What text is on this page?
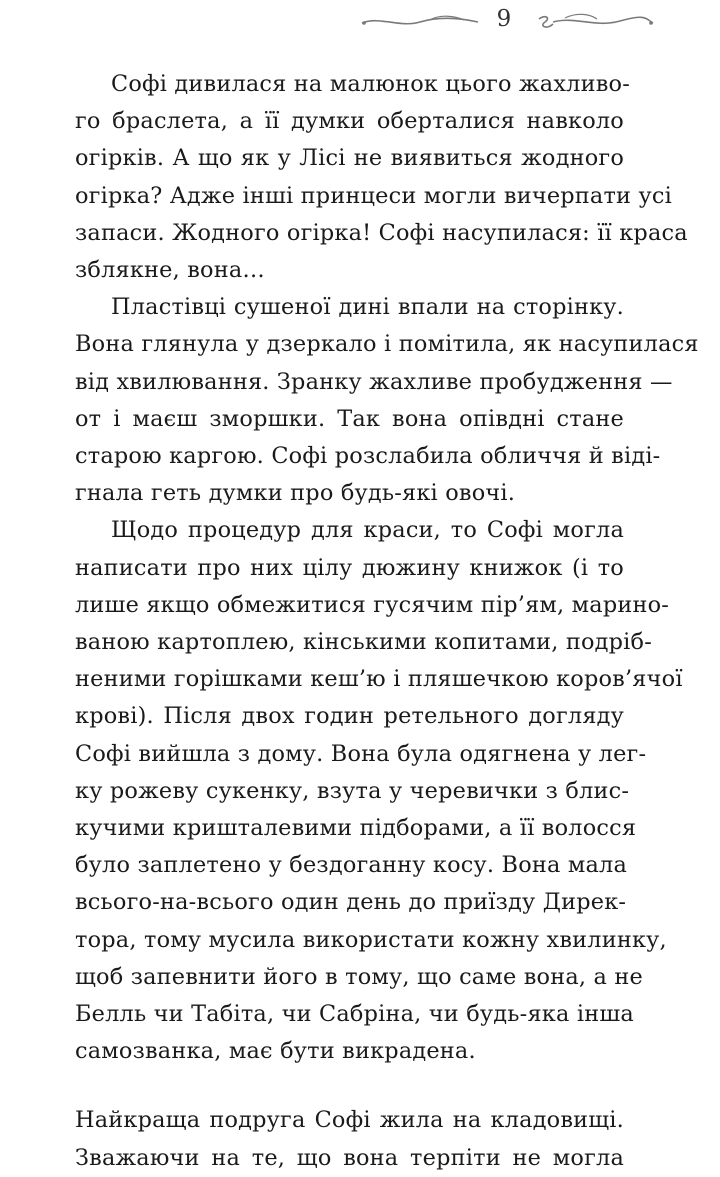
9
Софі дивилася на малюнок цього жахливо-
го браслета, а її думки оберталися навколо
огірків. А що як у Лісі не виявиться жодного
огірка? Адже інші принцеси могли вичерпати усі
запаси. Жодного огірка! Софі насупилася: її краса
зблякне, вона…
Пластівці сушеної дині впали на сторінку.
Вона глянула у дзеркало і помітила, як насупилася
від хвилювання. Зранку жахливе пробудження —
от і маєш зморшки. Так вона опівдні стане
старою каргою. Софі розслабила обличчя й віді-
гнала геть думки про будь-які овочі.
Щодо процедур для краси, то Софі могла
написати про них цілу дюжину книжок (і то
лише якщо обмежитися гусячим пір’ям, марино-
ваною картоплею, кінськими копитами, подріб-
неними горішками кеш’ю і пляшечкою коров’ячої
крові). Після двох годин ретельного догляду
Софі вийшла з дому. Вона була одягнена у лег-
ку рожеву сукенку, взута у черевички з блис-
кучими кришталевими підборами, а її волосся
було заплетено у бездоганну косу. Вона мала
всього-на-всього один день до приїзду Дирек-
тора, тому мусила використати кожну хвилинку,
щоб запевнити його в тому, що саме вона, а не
Белль чи Табіта, чи Сабріна, чи будь-яка інша
самозванка, має бути викрадена.
Найкраща подруга Софі жила на кладовищі.
Зважаючи на те, що вона терпіти не могла
